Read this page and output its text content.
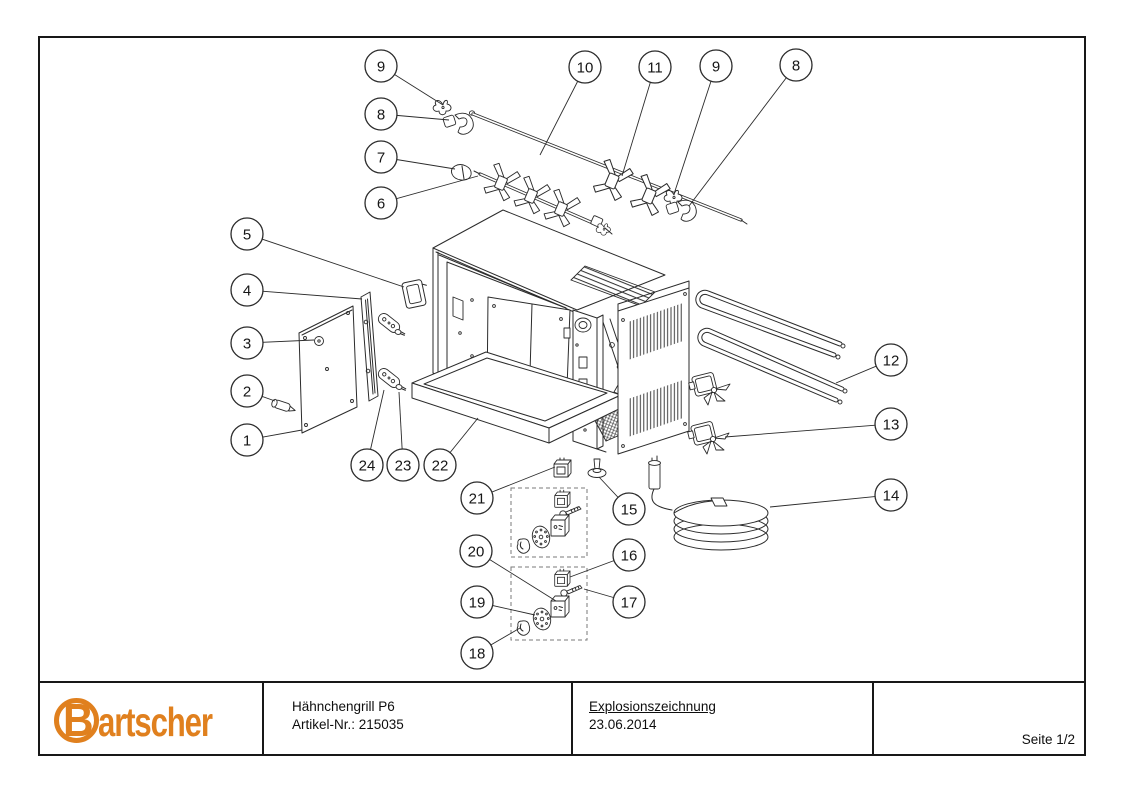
1
2
3
4
5
6
7
8
9	8
9
10	11
12
13
14
15
16
17
18
19
20
21
22
23
24
B artscher	Hähnchengrill P6
Artikel-Nr.: 215035
Explosionszeichnung
23.06.2014
Seite 1/2
